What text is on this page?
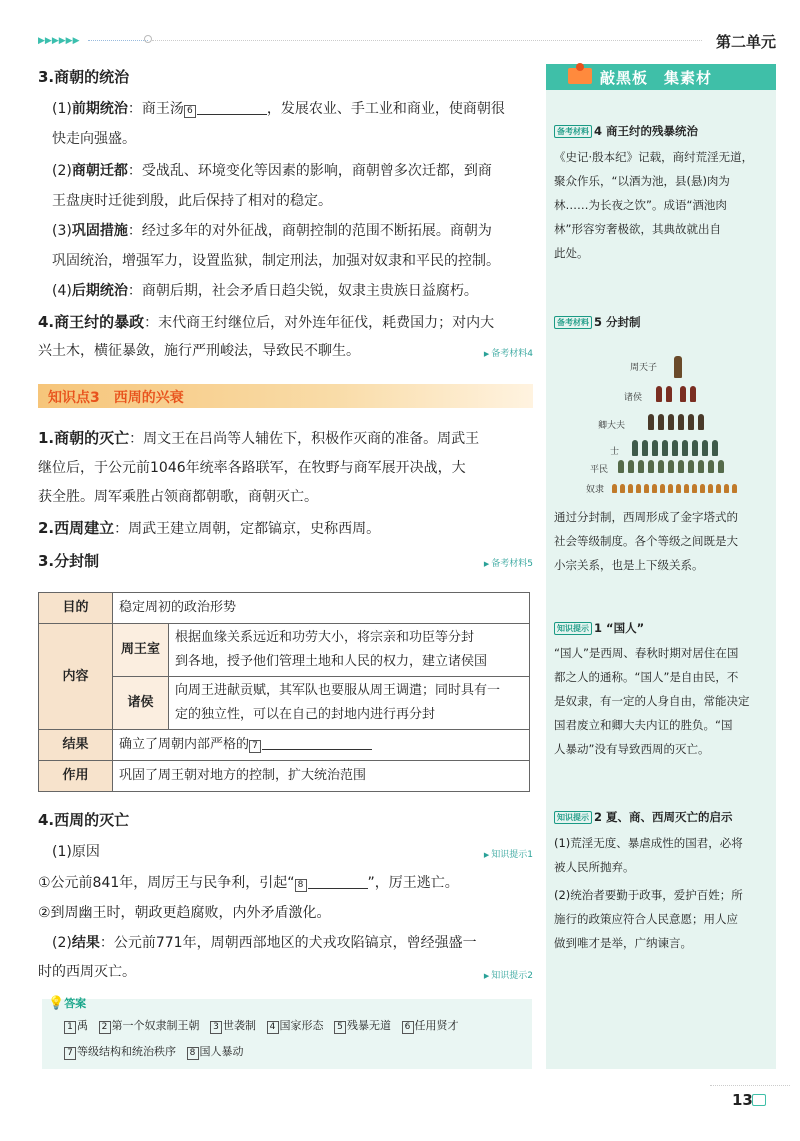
▶▶▶▶▶▶	第二单元
3.商朝的统治
(1)前期统治：商王汤 6	，发展农业、手工业和商业，使商朝很
快走向强盛。
(2)商朝迁都：受战乱、环境变化等因素的影响，商朝曾多次迁都，到商
王盘庚时迁徙到殷，此后保持了相对的稳定。
(3)巩固措施：经过多年的对外征战，商朝控制的范围不断拓展。商朝为
巩固统治，增强军力，设置监狱，制定刑法，加强对奴隶和平民的控制。
(4)后期统治：商朝后期，社会矛盾日趋尖锐，奴隶主贵族日益腐朽。
4.商王纣的暴政：末代商王纣继位后，对外连年征伐，耗费国力；对内大
兴土木，横征暴敛，施行严刑峻法，导致民不聊生。	▶ 备考材料4
知识点3　西周的兴衰
1.商朝的灭亡：周文王在吕尚等人辅佐下，积极作灭商的准备。周武王
继位后，于公元前1046年统率各路联军，在牧野与商军展开决战，大
获全胜。周军乘胜占领商都朝歌，商朝灭亡。
2.西周建立：周武王建立周朝，定都镐京，史称西周。
3.分封制	▶ 备考材料5
目的	稳定周初的政治形势	
内容	周王室	根据血缘关系远近和功劳大小，将宗亲和功臣等分封
到各地，授予他们管理土地和人民的权力，建立诸侯国
	诸侯	向周王进献贡赋，其军队也要服从周王调遣；同时具有一
定的独立性，可以在自己的封地内进行再分封
结果	确立了周朝内部严格的 7	
作用	巩固了周王朝对地方的控制，扩大统治范围	
4.西周的灭亡
(1)原因	▶ 知识提示1
①公元前841年，周厉王与民争利，引起“ 8	”，厉王逃亡。
②到周幽王时，朝政更趋腐败，内外矛盾激化。
(2)结果：公元前771年，周朝西部地区的犬戎攻陷镐京，曾经强盛一
时的西周灭亡。	▶ 知识提示2
💡答案
1 禹 2 第一个奴隶制王朝 3 世袭制 4 国家形态 5 残暴无道 6 任用贤才
7 等级结构和统治秩序 8 国人暴动
敲黑板　集素材
备考材料 4 商王纣的残暴统治
《史记·殷本纪》记载，商纣荒淫无道，
聚众作乐，“以酒为池，县(悬)肉为
林……为长夜之饮”。成语“酒池肉
林”形容穷奢极欲，其典故就出自
此处。
备考材料 5 分封制
周天子
诸侯
卿大夫
士
平民
奴隶
通过分封制，西周形成了金字塔式的
社会等级制度。各个等级之间既是大
小宗关系，也是上下级关系。
知识提示 1 “国人”
“国人”是西周、春秋时期对居住在国
都之人的通称。“国人”是自由民，不
是奴隶，有一定的人身自由，常能决定
国君废立和卿大夫内讧的胜负。“国
人暴动”没有导致西周的灭亡。
知识提示 2 夏、商、西周灭亡的启示
(1)荒淫无度、暴虐成性的国君，必将
被人民所抛弃。
(2)统治者要勤于政事，爱护百姓；所
施行的政策应符合人民意愿；用人应
做到唯才是举，广纳谏言。
13
